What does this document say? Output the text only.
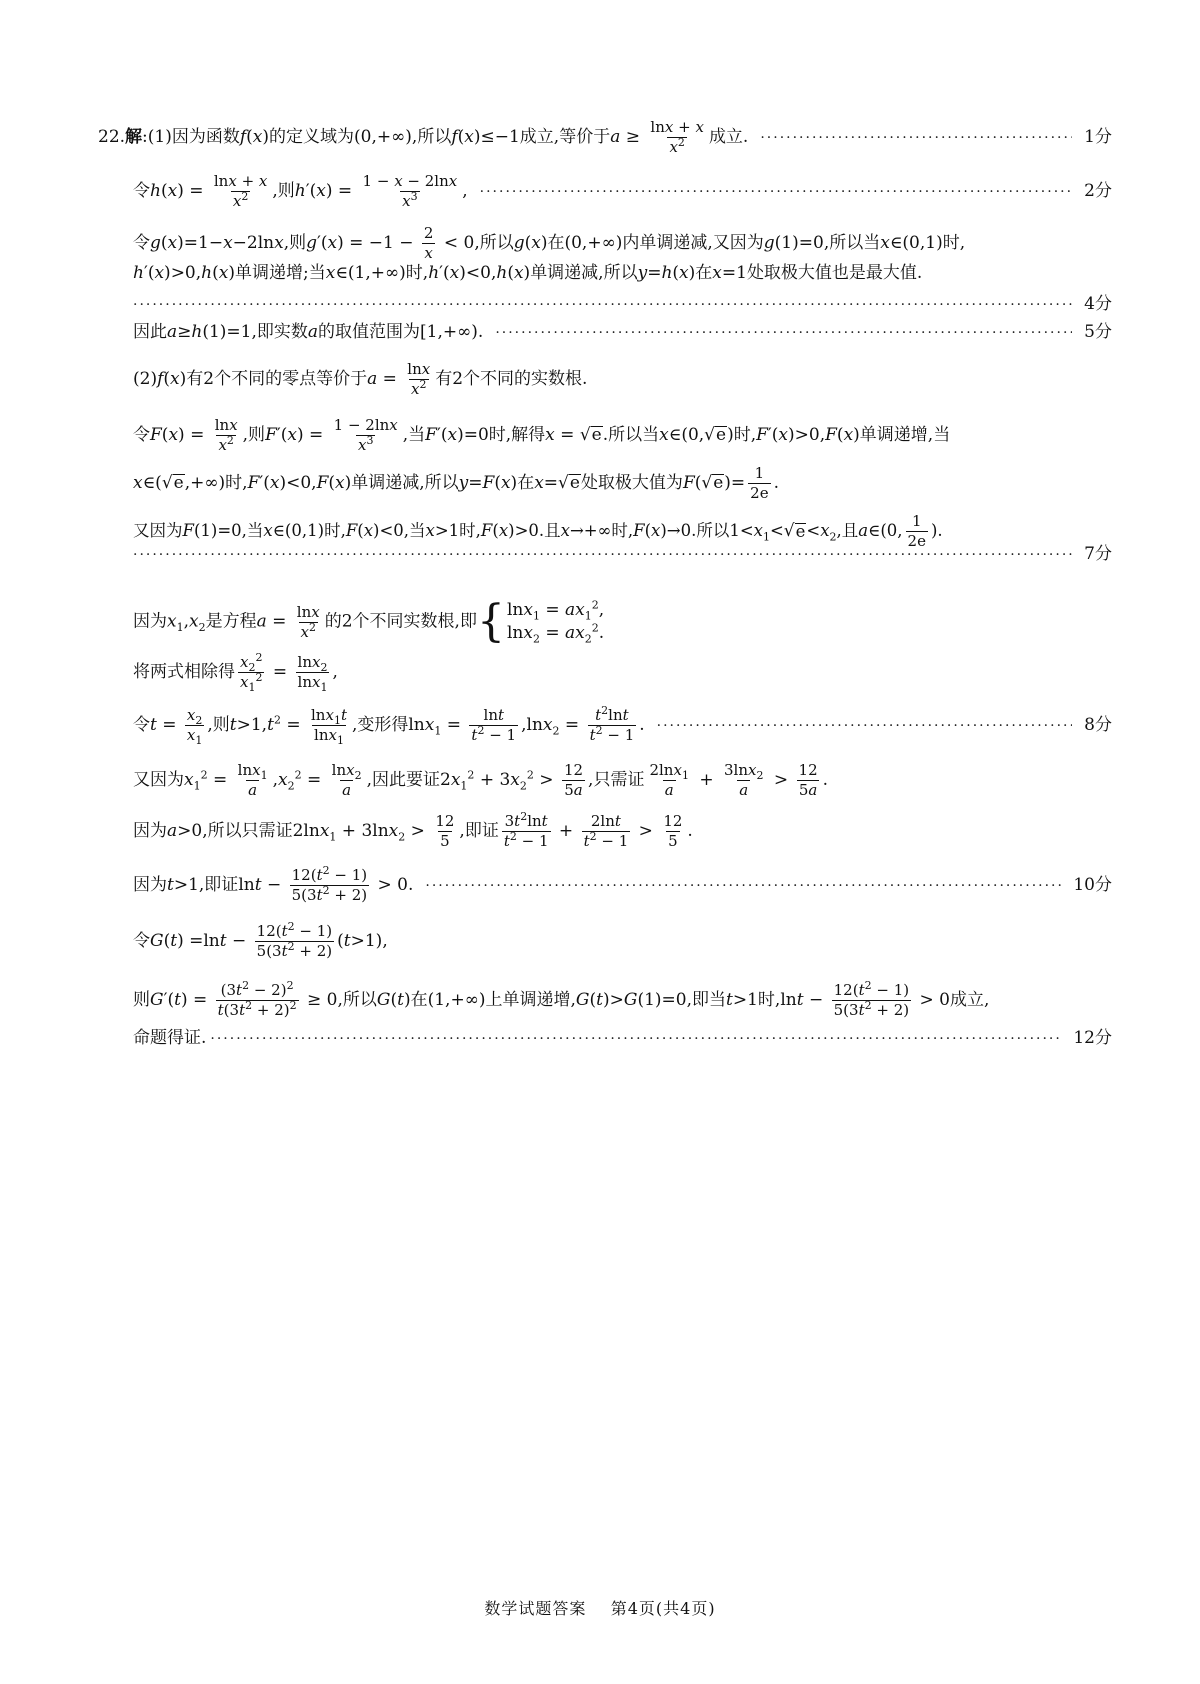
22.解:(1)因为函数f(x)的定义域为(0,+∞),所以f(x)≤−1成立,等价于$a \ge \frac{\ln x + x}{x^2}$ 成立. ·····	1分
令$h(x) = \frac{\ln x + x}{x^2}$ ,则$h'(x) = \frac{1 - x - 2\ln x}{x^3}$ , ·····	2分
令g(x)=1−x−2lnx,则$g'(x) = -1 - \frac{2}{x} < 0$,所以g(x)在(0,+∞)内单调递减,又因为g(1)=0,所以当x∈(0,1)时,
h′(x)>0,h(x)单调递增;当x∈(1,+∞)时,h′(x)<0,h(x)单调递减,所以y=h(x)在x=1处取极大值也是最大值.
·····
4分
因此a≥h(1)=1,即实数a的取值范围为[1,+∞). ·····	5分
(2)f(x)有2个不同的零点等价于$a = \frac{\ln x}{x^2}$ 有2个不同的实数根.
令$F(x) = \frac{\ln x}{x^2}$ ,则$F'(x) = \frac{1 - 2\ln x}{x^3}$ ,当F′(x)=0时,解得x = √ e .所以当x∈(0, √ e )时,F′(x)>0,F(x)单调递增,当
x∈( √ e ,+∞)时,F′(x)<0,F(x)单调递减,所以y=F(x)在x= √ e 处取极大值为F( √ e )= $\frac{1}{2e}$ .
又因为F(1)=0,当x∈(0,1)时,F(x)<0,当x>1时,F(x)>0.且x→+∞时,F(x)→0.所以$1<x_1<$ √ $e <x_2$,且a∈(0, $\frac{1}{2e}$ ).
·····
7分
因为$x_1,x_2$是方程$a = \frac{\ln x}{x^2}$ 的2个不同实数根,即 { $\ln x_1 = ax_1^2$,
$\ln x_2 = ax_2^2$.
将两式相除得 $\frac{x_2^2}{x_1^2} = \frac{\ln x_2}{\ln x_1}$ ,
令$t = \frac{x_2}{x_1}$ ,则$t>1,t^2 = \frac{\ln x_1t}{\ln x_1}$ ,变形得$\ln x_1 = \frac{\ln t}{t^2 - 1} ,\ln x_2 = \frac{t^2\ln t}{t^2 - 1}$ . ·····	8分
又因为$x_1^2 = \frac{\ln x_1}{a} ,x_2^2 = \frac{\ln x_2}{a}$ ,因此要证$2x_1^2 + 3x_2^2 > \frac{12}{5a}$ ,只需证 $\frac{2\ln x_1}{a} + \frac{3\ln x_2}{a} > \frac{12}{5a}$ .
因为a>0,所以只需证$2\ln x_1 + 3\ln x_2 > \frac{12}{5}$ ,即证 $\frac{3t^2\ln t}{t^2 - 1} + \frac{2\ln t}{t^2 - 1} > \frac{12}{5}$ .
因为t>1,即证$\ln t - \frac{12(t^2 - 1)}{5(3t^2 + 2)} > 0$. ·····	10分
令$G(t) =\ln t - \frac{12(t^2 - 1)}{5(3t^2 + 2)} (t>1)$,
则$G'(t) = \frac{(3t^2 - 2)^2}{t(3t^2 + 2)^2} \ge 0$,所以G(t)在(1,+∞)上单调递增,G(t)>G(1)=0,即当t>1时$,\ln t - \frac{12(t^2 - 1)}{5(3t^2 + 2)} > 0$成立,
命题得证. ·····	12分
数学试题答案 第4页(共4页)
